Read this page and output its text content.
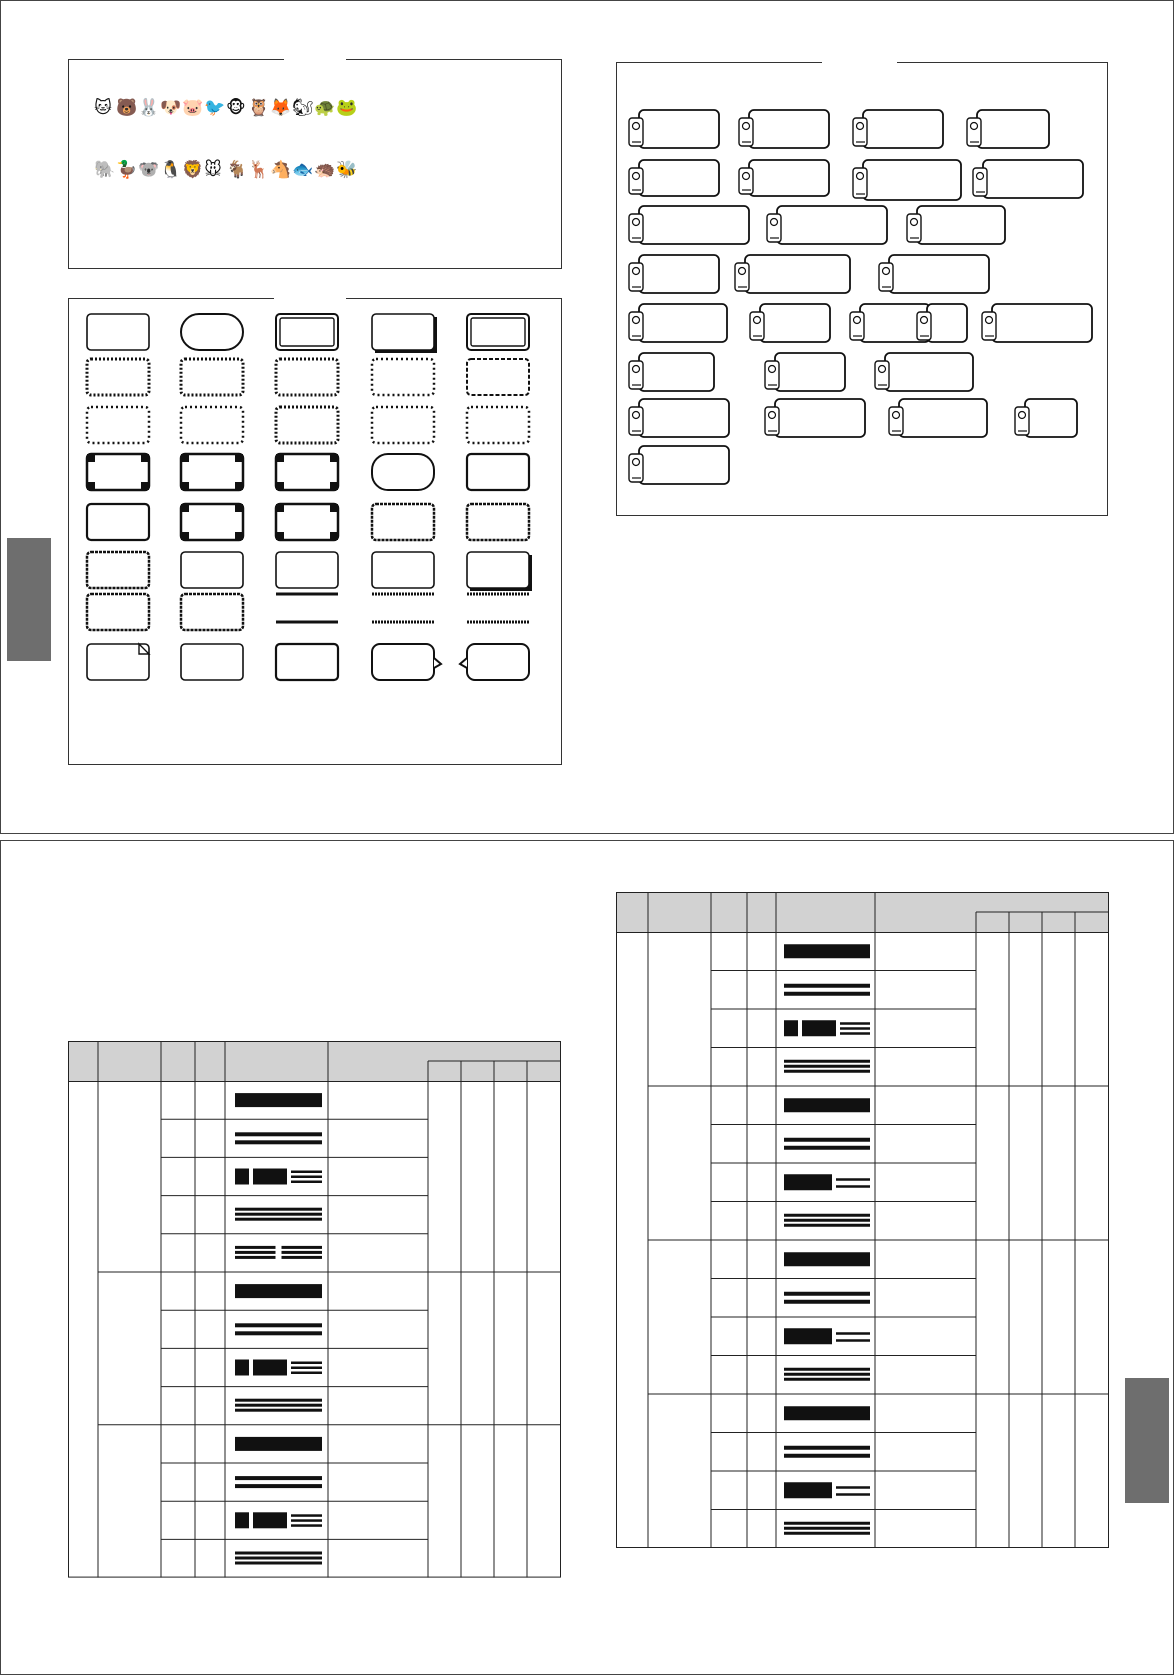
🐱 🐻 🐰 🐶 🐷 🐦 🐵 🦉 🦊 🐿 🐢 🐸
🐘 🦆 🐨 🐧 🦁 🐭 🐐 🦌 🐴 🐟 🦔 🐝
